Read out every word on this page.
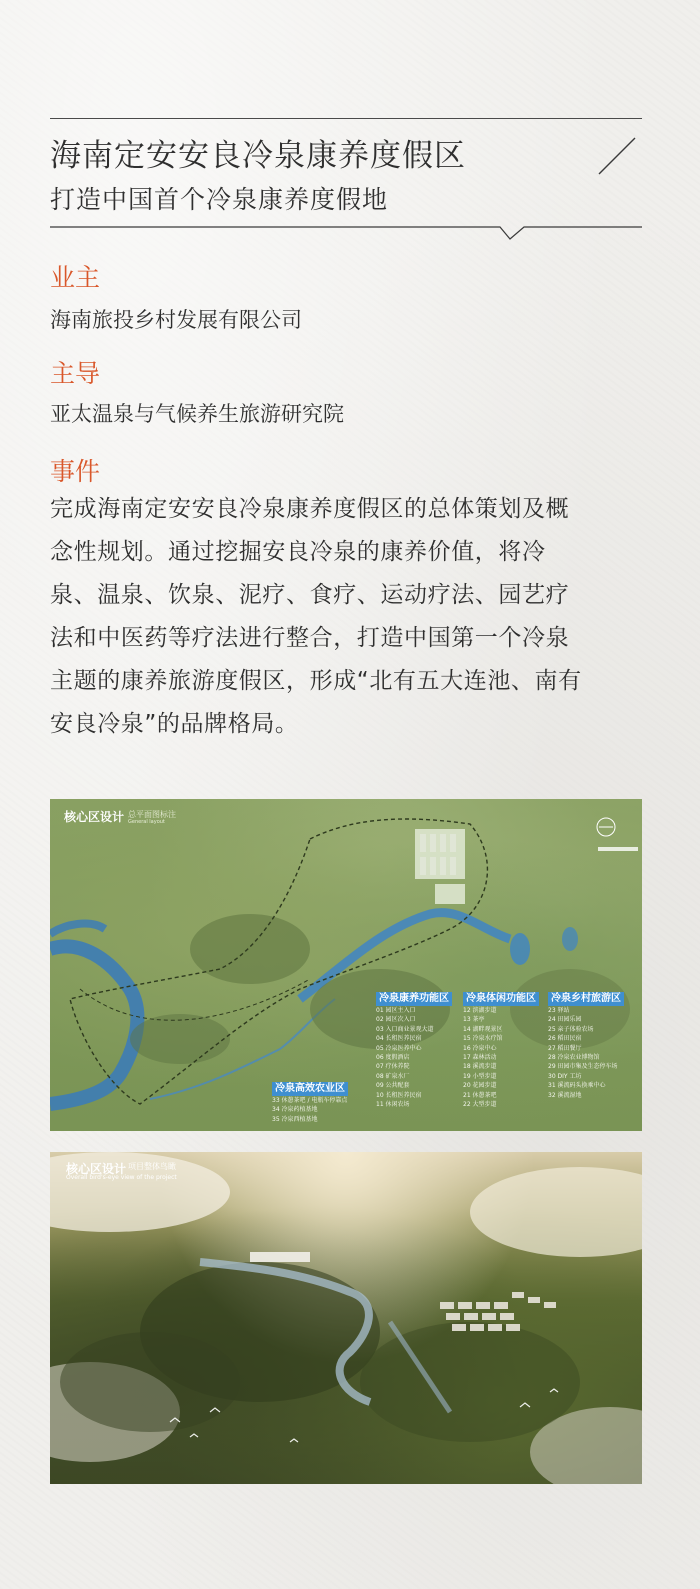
海南定安安良冷泉康养度假区
打造中国首个冷泉康养度假地
业主
海南旅投乡村发展有限公司
主导
亚太温泉与气候养生旅游研究院
事件
完成海南定安安良冷泉康养度假区的总体策划及概
念性规划。通过挖掘安良冷泉的康养价值，将冷
泉、温泉、饮泉、泥疗、食疗、运动疗法、园艺疗
法和中医药等疗法进行整合，打造中国第一个冷泉
主题的康养旅游度假区，形成“北有五大连池、南有
安良冷泉”的品牌格局。
核心区设计 总平面图标注
General layout
冷泉康养功能区
01 园区主入口
02 园区次入口
03 入口商业景观大道
04 长租医养民宿
05 冷泉医养中心
06 度假酒店
07 疗休养院
08 矿泉水厂
09 公共配套
10 长租医养民宿
11 休闲农场
冷泉体闲功能区
12 滨湖步道
13 茶亭
14 湖畔观景区
15 冷泉水疗馆
16 冷泉中心
17 森林活动
18 溪流步道
19 小型步道
20 花园步道
21 休憩茶吧
22 大型步道
冷泉乡村旅游区
23 驿站
24 田园乐园
25 亲子体验农场
26 稻田民宿
27 稻田餐厅
28 冷泉农业博物馆
29 田园市集及生态停车场
30 DIY 工坊
31 溪流码头换乘中心
32 溪流湿地
冷泉高效农业区
33 休憩茶吧 / 电瓶车停靠点
34 冷泉药植基地
35 冷泉西植基地
核心区设计 项目整体鸟瞰
Overall bird's-eye view of the project
